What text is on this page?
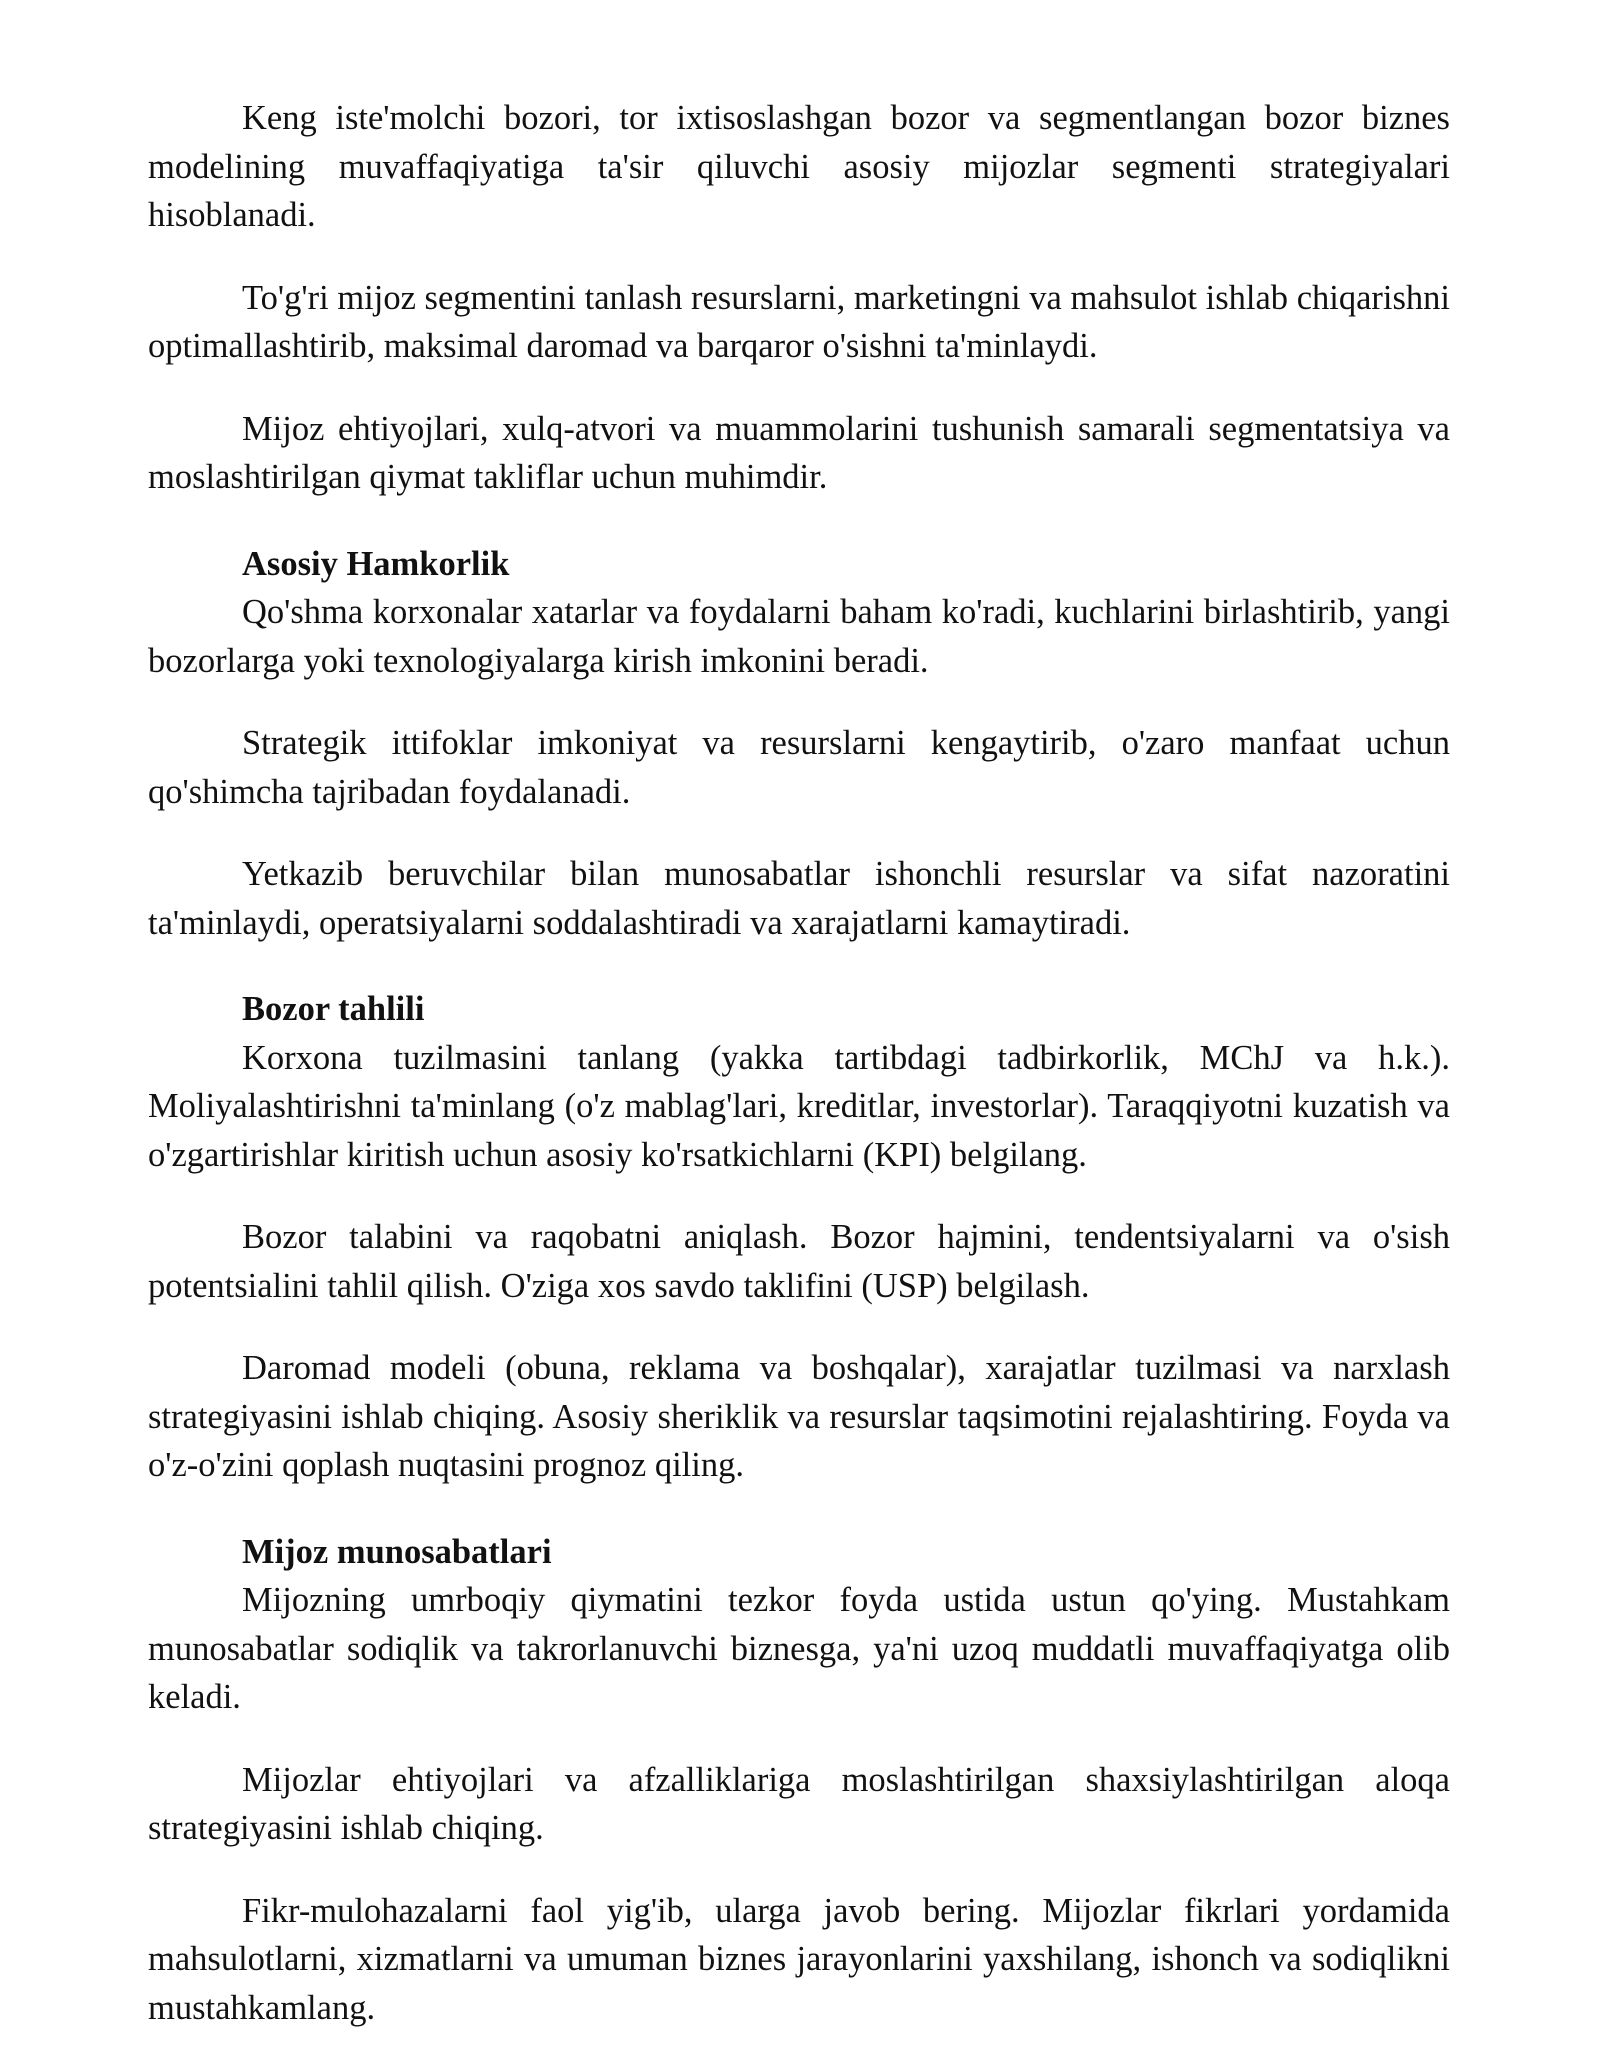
Keng iste'molchi bozori, tor ixtisoslashgan bozor va segmentlangan bozor biznes modelining muvaffaqiyatiga ta'sir qiluvchi asosiy mijozlar segmenti strategiyalari hisoblanadi.

To'g'ri mijoz segmentini tanlash resurslarni, marketingni va mahsulot ishlab chiqarishni optimallashtirib, maksimal daromad va barqaror o'sishni ta'minlaydi.

Mijoz ehtiyojlari, xulq-atvori va muammolarini tushunish samarali segmentatsiya va moslashtirilgan qiymat takliflar uchun muhimdir.

Asosiy Hamkorlik

Qo'shma korxonalar xatarlar va foydalarni baham ko'radi, kuchlarini birlashtirib, yangi bozorlarga yoki texnologiyalarga kirish imkonini beradi.

Strategik ittifoklar imkoniyat va resurslarni kengaytirib, o'zaro manfaat uchun qo'shimcha tajribadan foydalanadi.

Yetkazib beruvchilar bilan munosabatlar ishonchli resurslar va sifat nazoratini ta'minlaydi, operatsiyalarni soddalashtiradi va xarajatlarni kamaytiradi.

Bozor tahlili

Korxona tuzilmasini tanlang (yakka tartibdagi tadbirkorlik, MChJ va h.k.). Moliyalashtirishni ta'minlang (o'z mablag'lari, kreditlar, investorlar). Taraqqiyotni kuzatish va o'zgartirishlar kiritish uchun asosiy ko'rsatkichlarni (KPI) belgilang.

Bozor talabini va raqobatni aniqlash. Bozor hajmini, tendentsiyalarni va o'sish potentsialini tahlil qilish. O'ziga xos savdo taklifini (USP) belgilash.

Daromad modeli (obuna, reklama va boshqalar), xarajatlar tuzilmasi va narxlash strategiyasini ishlab chiqing. Asosiy sheriklik va resurslar taqsimotini rejalashtiring. Foyda va o'z-o'zini qoplash nuqtasini prognoz qiling.

Mijoz munosabatlari

Mijozning umrboqiy qiymatini tezkor foyda ustida ustun qo'ying. Mustahkam munosabatlar sodiqlik va takrorlanuvchi biznesga, ya'ni uzoq muddatli muvaffaqiyatga olib keladi.

Mijozlar ehtiyojlari va afzalliklariga moslashtirilgan shaxsiylashtirilgan aloqa strategiyasini ishlab chiqing.

Fikr-mulohazalarni faol yig'ib, ularga javob bering. Mijozlar fikrlari yordamida mahsulotlarni, xizmatlarni va umuman biznes jarayonlarini yaxshilang, ishonch va sodiqlikni mustahkamlang.
